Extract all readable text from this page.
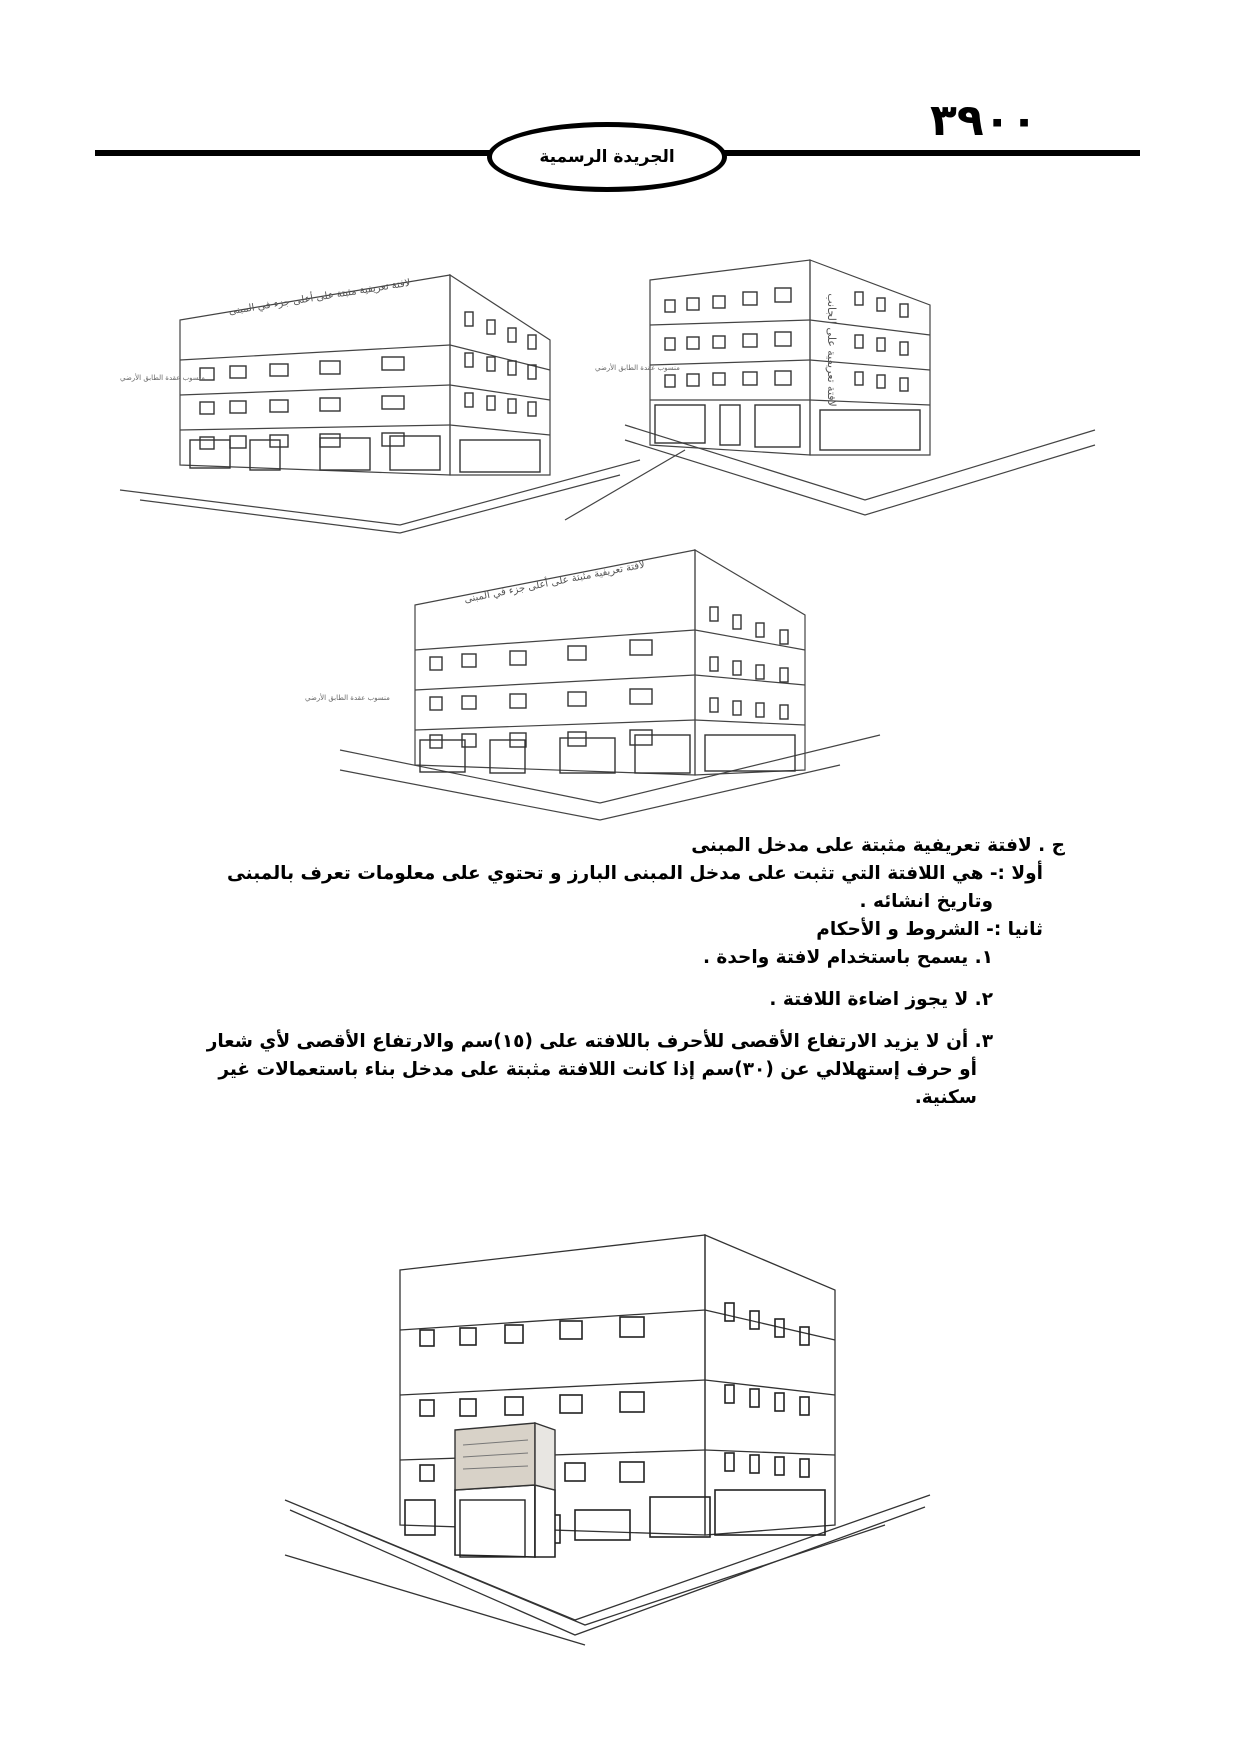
٣٩٠٠
الجريدة الرسمية
لافتة تعريفية مثبتة على أعلى جزء في المبنى
منسوب عقدة الطابق الأرضي	لافتة تعريفية على الجانب
منسوب عقدة الطابق الأرضي
لافتة تعريفية مثبتة على أعلى جزء في المبنى
منسوب عقدة الطابق الأرضي

ج . لافتة تعريفية مثبتة على مدخل المبنى

أولا :- هي اللافتة التي تثبت على مدخل المبنى البارز و تحتوي على معلومات تعرف بالمبنى

وتاريخ انشائه .

ثانيا :- الشروط و الأحكام

١. يسمح باستخدام لافتة واحدة .

٢. لا يجوز اضاءة اللافتة .

٣. أن لا يزيد الارتفاع الأقصى للأحرف باللافته على (١٥)سم والارتفاع الأقصى لأي شعار

أو حرف إستهلالي عن (٣٠)سم إذا كانت اللافتة مثبتة على مدخل بناء باستعمالات غير

سكنية.
